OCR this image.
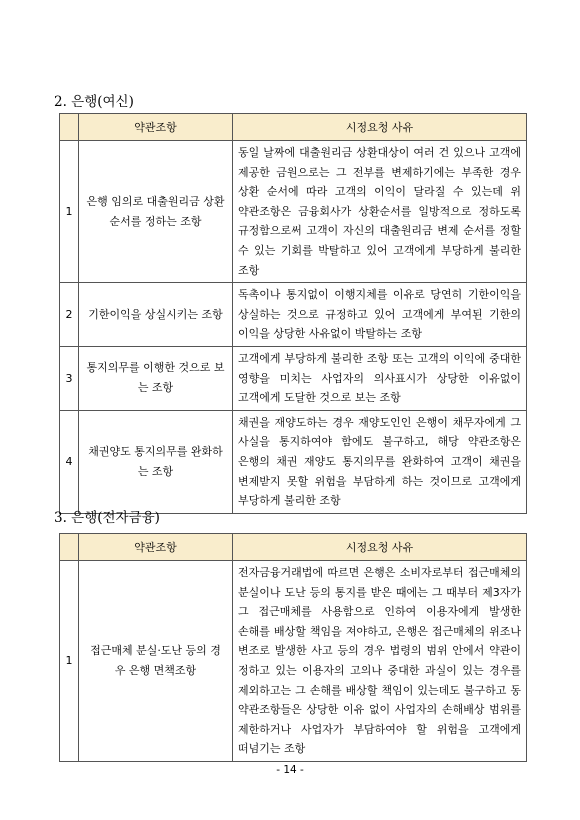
2. 은행(여신)
	약관조항	시정요청 사유
1	은행 임의로 대출원리금 상환순서를 정하는 조항	동일 날짜에 대출원리금 상환대상이 여러 건 있으나 고객에 제공한 금원으로는 그 전부를 변제하기에는 부족한 경우 상환 순서에 따라 고객의 이익이 달라질 수 있는데 위 약관조항은 금융회사가 상환순서를 일방적으로 정하도록 규정함으로써 고객이 자신의 대출원리금 변제 순서를 정할 수 있는 기회를 박탈하고 있어 고객에게 부당하게 불리한 조항
2	기한이익을 상실시키는 조항	독촉이나 통지없이 이행지체를 이유로 당연히 기한이익을 상실하는 것으로 규정하고 있어 고객에게 부여된 기한의 이익을 상당한 사유없이 박탈하는 조항
3	통지의무를 이행한 것으로 보는 조항	고객에게 부당하게 불리한 조항 또는 고객의 이익에 중대한 영향을 미치는 사업자의 의사표시가 상당한 이유없이 고객에게 도달한 것으로 보는 조항
4	채권양도 통지의무를 완화하는 조항	채권을 재양도하는 경우 재양도인인 은행이 채무자에게 그 사실을 통지하여야 함에도 불구하고, 해당 약관조항은 은행의 채권 재양도 통지의무를 완화하여 고객이 채권을 변제받지 못할 위험을 부담하게 하는 것이므로 고객에게 부당하게 불리한 조항
3. 은행(전자금융)
	약관조항	시정요청 사유
1	접근매체 분실·도난 등의 경우 은행 면책조항	전자금융거래법에 따르면 은행은 소비자로부터 접근매체의 분실이나 도난 등의 통지를 받은 때에는 그 때부터 제3자가 그 접근매체를 사용함으로 인하여 이용자에게 발생한 손해를 배상할 책임을 져야하고, 은행은 접근매체의 위조나 변조로 발생한 사고 등의 경우 법령의 범위 안에서 약관이 정하고 있는 이용자의 고의나 중대한 과실이 있는 경우를 제외하고는 그 손해를 배상할 책임이 있는데도 불구하고 동 약관조항들은 상당한 이유 없이 사업자의 손해배상 범위를 제한하거나 사업자가 부담하여야 할 위험을 고객에게 떠넘기는 조항
- 14 -
